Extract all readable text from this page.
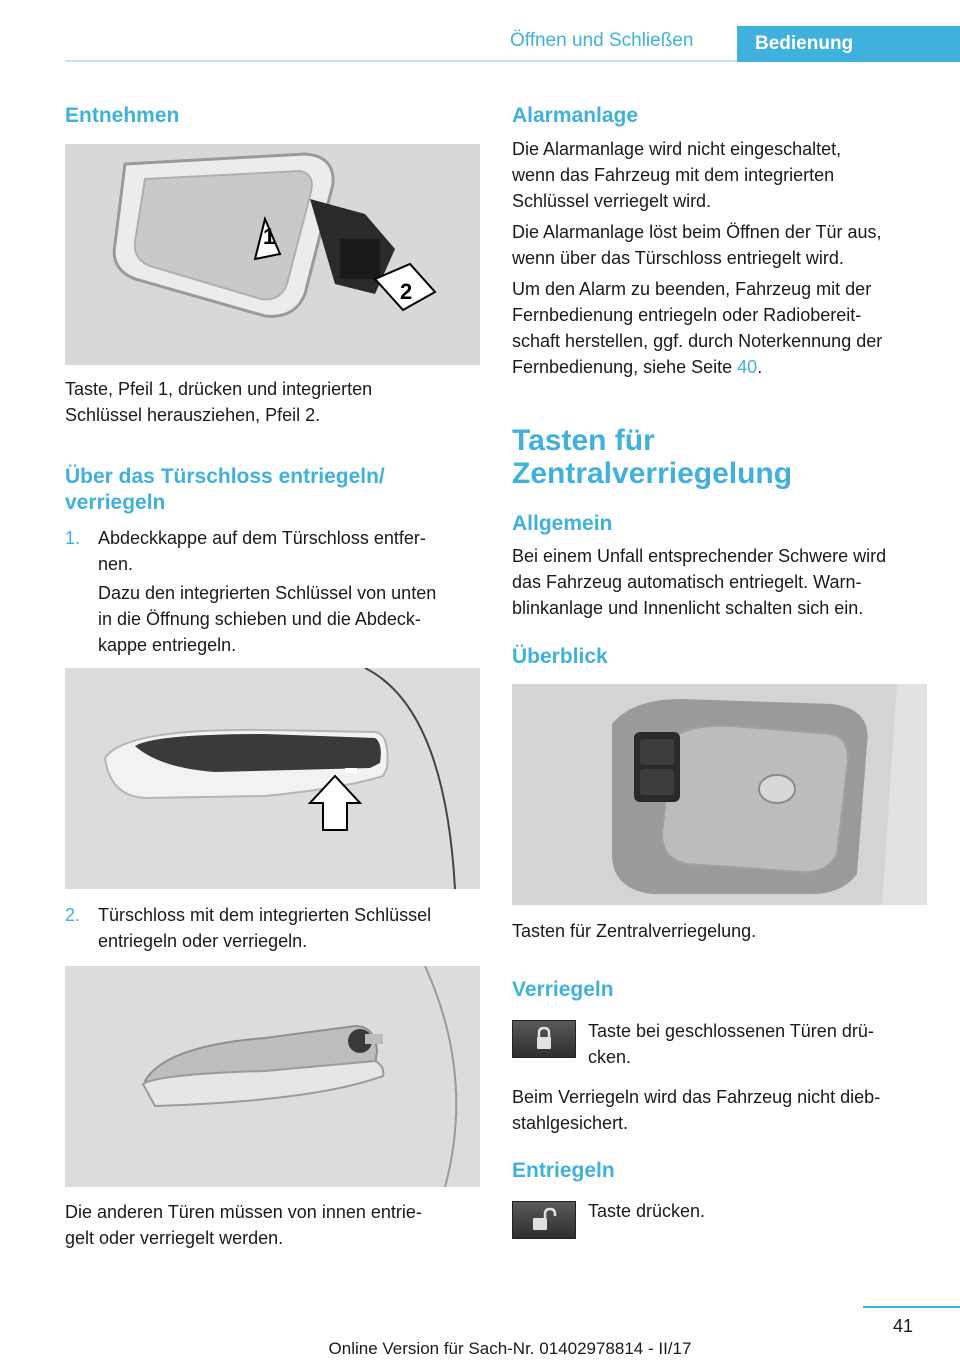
Öffnen und Schließen	Bedienung
Entnehmen
1
2
Taste, Pfeil 1, drücken und integrierten
Schlüssel herausziehen, Pfeil 2.
Über das Türschloss entriegeln/
verriegeln
1. Abdeckkappe auf dem Türschloss entfer-
nen.
Dazu den integrierten Schlüssel von unten
in die Öffnung schieben und die Abdeck-
kappe entriegeln.
2. Türschloss mit dem integrierten Schlüssel
entriegeln oder verriegeln.
Die anderen Türen müssen von innen entrie-
gelt oder verriegelt werden.
Alarmanlage
Die Alarmanlage wird nicht eingeschaltet,
wenn das Fahrzeug mit dem integrierten
Schlüssel verriegelt wird.
Die Alarmanlage löst beim Öffnen der Tür aus,
wenn über das Türschloss entriegelt wird.
Um den Alarm zu beenden, Fahrzeug mit der
Fernbedienung entriegeln oder Radiobereit-
schaft herstellen, ggf. durch Noterkennung der
Fernbedienung, siehe Seite 40.
Tasten für
Zentralverriegelung
Allgemein
Bei einem Unfall entsprechender Schwere wird
das Fahrzeug automatisch entriegelt. Warn-
blinkanlage und Innenlicht schalten sich ein.
Überblick
Tasten für Zentralverriegelung.
Verriegeln
Taste bei geschlossenen Türen drü-
cken.
Beim Verriegeln wird das Fahrzeug nicht dieb-
stahlgesichert.
Entriegeln
Taste drücken.
41
Online Version für Sach-Nr. 01402978814 - II/17
